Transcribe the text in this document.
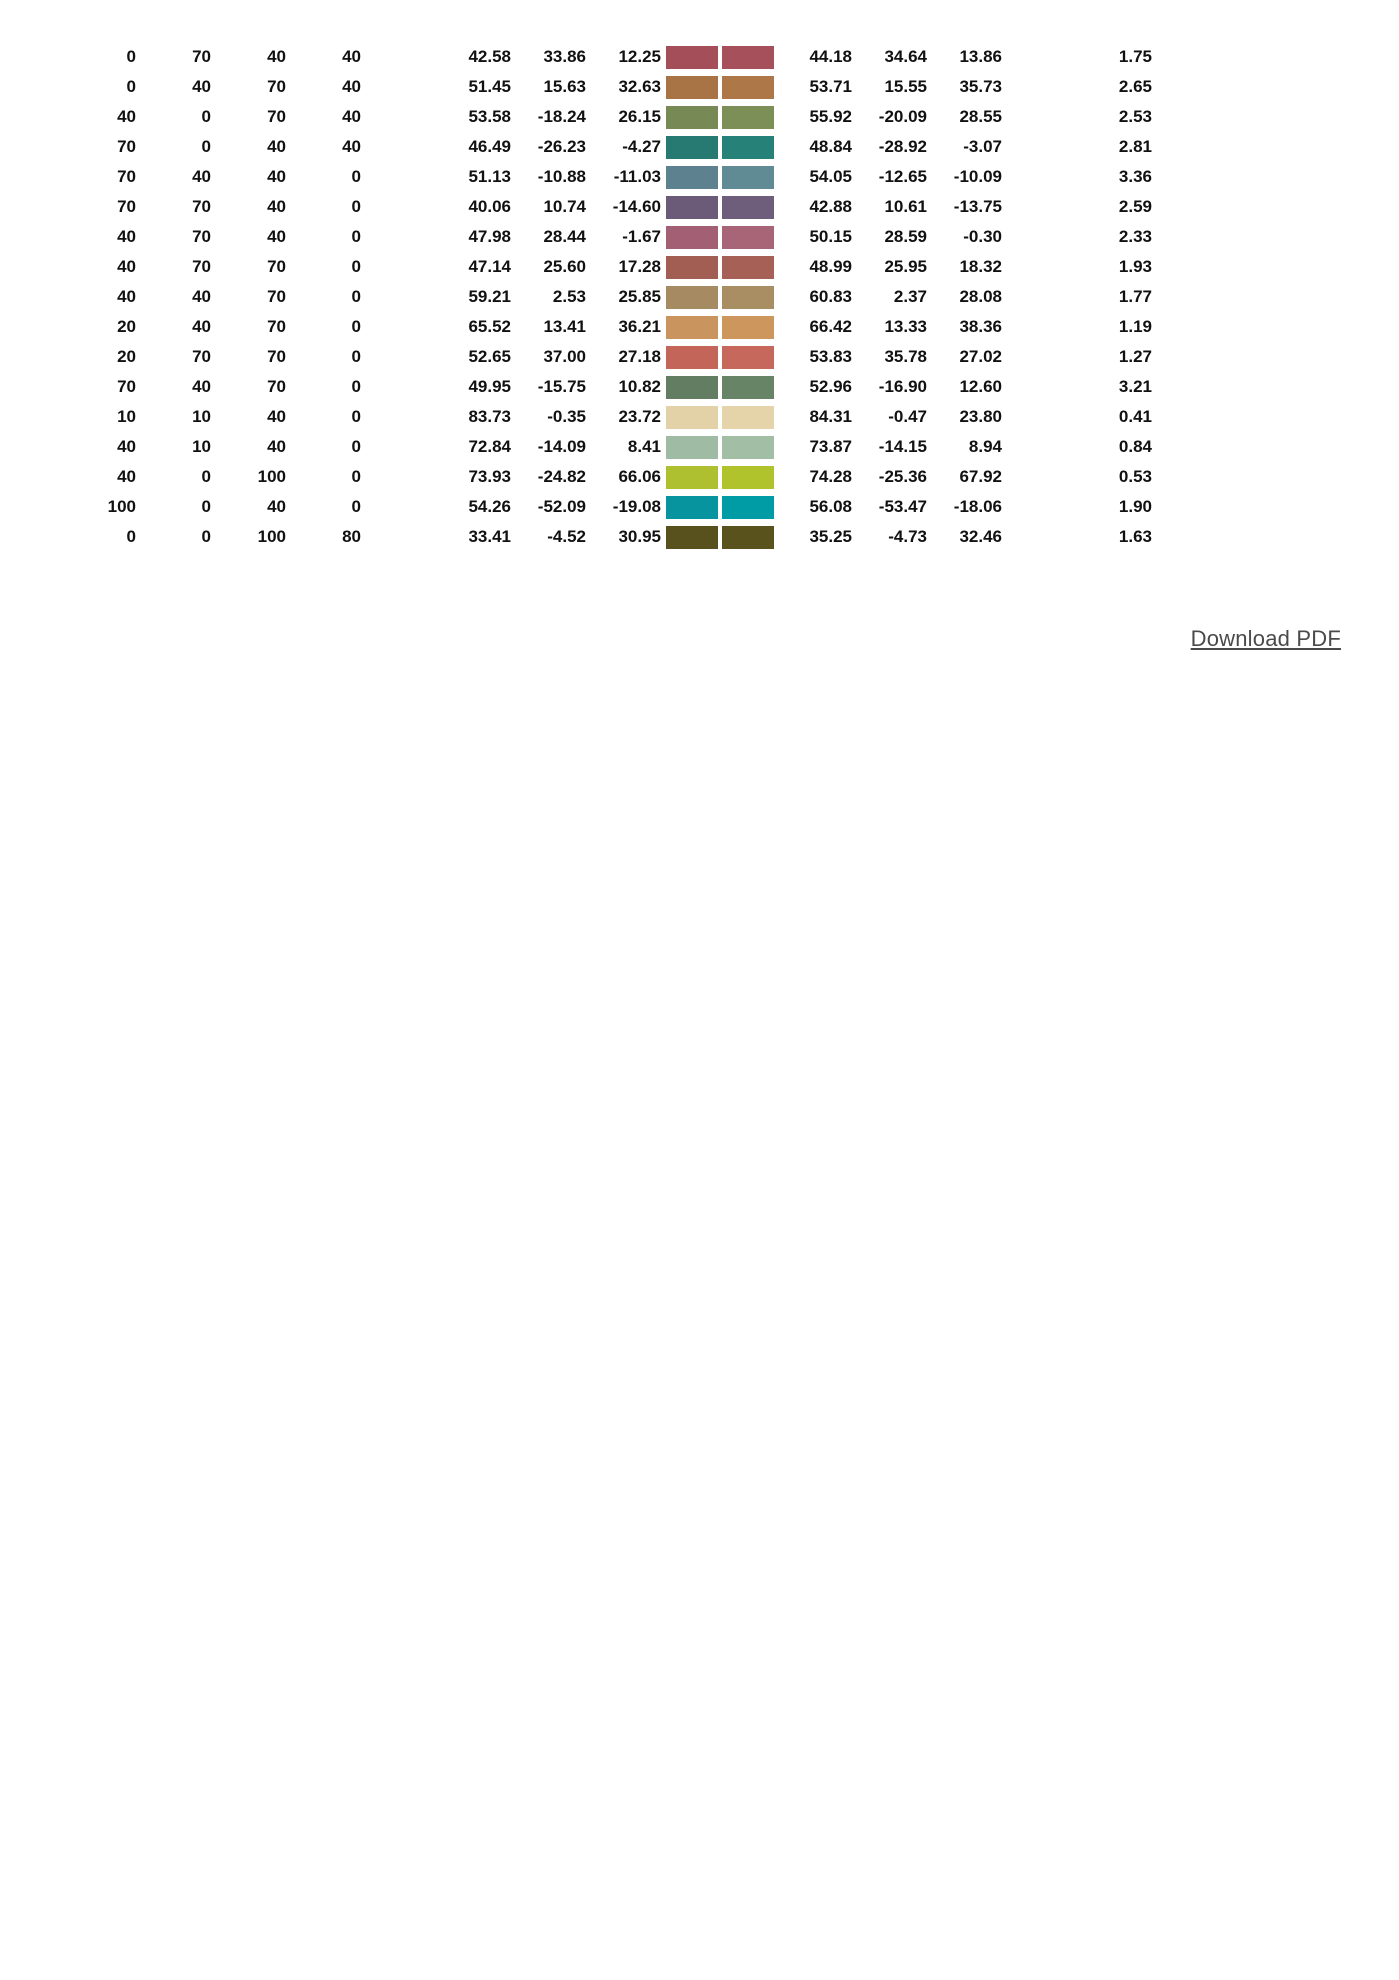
0	70	40	40	42.58	33.86	12.25			44.18	34.64	13.86	1.75
0	40	70	40	51.45	15.63	32.63			53.71	15.55	35.73	2.65
40	0	70	40	53.58	-18.24	26.15			55.92	-20.09	28.55	2.53
70	0	40	40	46.49	-26.23	-4.27			48.84	-28.92	-3.07	2.81
70	40	40	0	51.13	-10.88	-11.03			54.05	-12.65	-10.09	3.36
70	70	40	0	40.06	10.74	-14.60			42.88	10.61	-13.75	2.59
40	70	40	0	47.98	28.44	-1.67			50.15	28.59	-0.30	2.33
40	70	70	0	47.14	25.60	17.28			48.99	25.95	18.32	1.93
40	40	70	0	59.21	2.53	25.85			60.83	2.37	28.08	1.77
20	40	70	0	65.52	13.41	36.21			66.42	13.33	38.36	1.19
20	70	70	0	52.65	37.00	27.18			53.83	35.78	27.02	1.27
70	40	70	0	49.95	-15.75	10.82			52.96	-16.90	12.60	3.21
10	10	40	0	83.73	-0.35	23.72			84.31	-0.47	23.80	0.41
40	10	40	0	72.84	-14.09	8.41			73.87	-14.15	8.94	0.84
40	0	100	0	73.93	-24.82	66.06			74.28	-25.36	67.92	0.53
100	0	40	0	54.26	-52.09	-19.08			56.08	-53.47	-18.06	1.90
0	0	100	80	33.41	-4.52	30.95			35.25	-4.73	32.46	1.63
Download PDF
